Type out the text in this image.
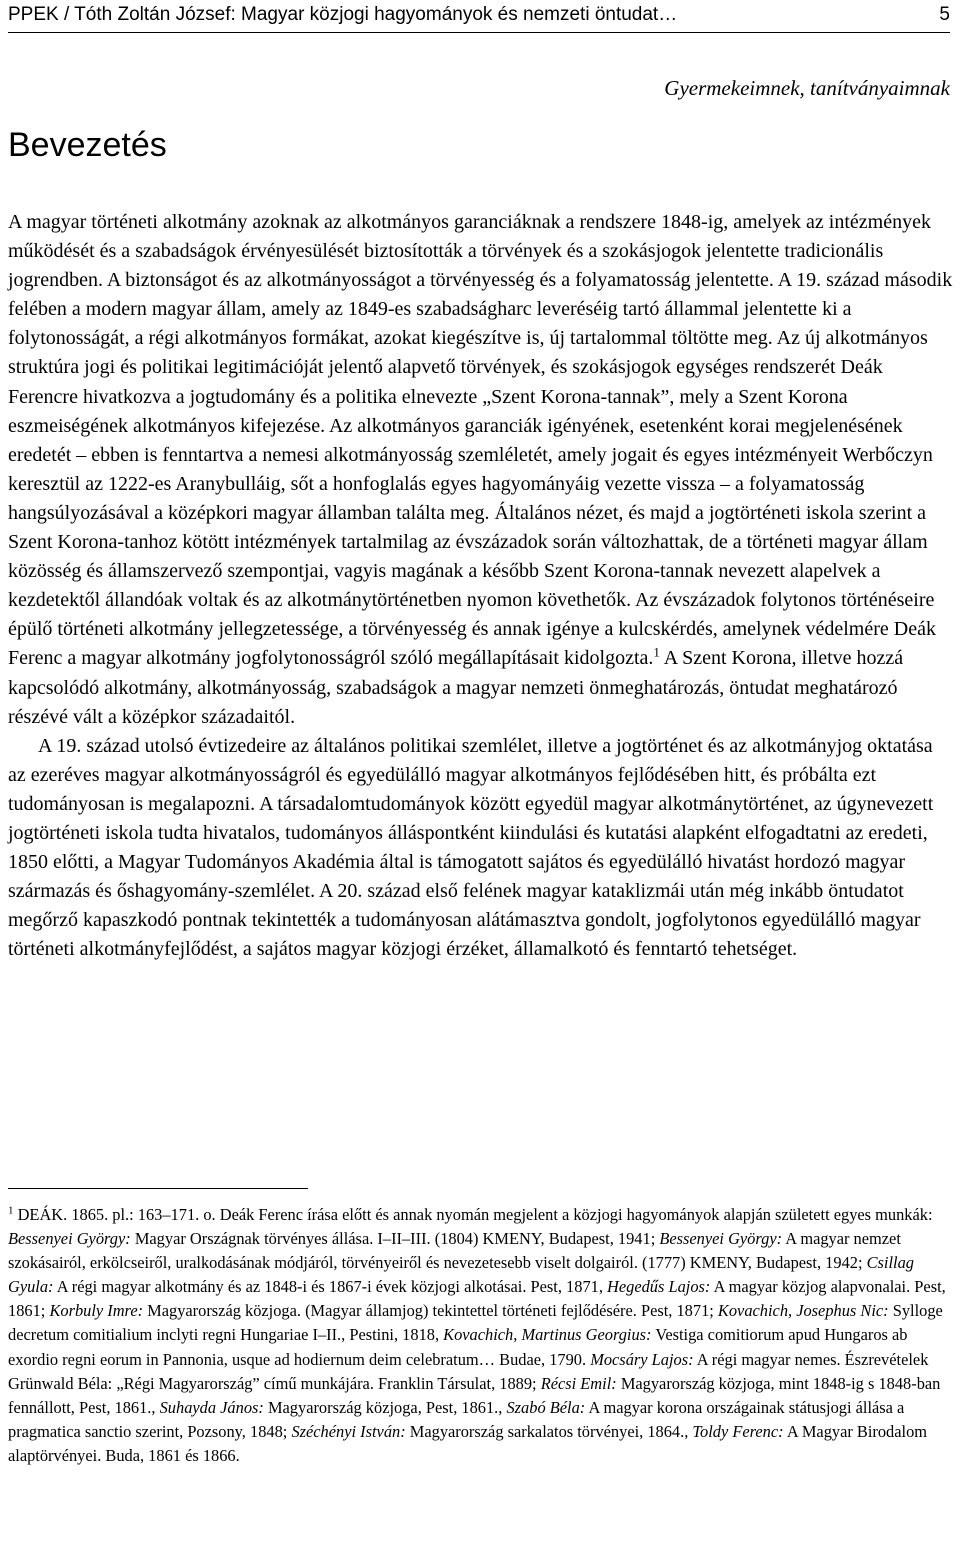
PPEK / Tóth Zoltán József: Magyar közjogi hagyományok és nemzeti öntudat…	5
Gyermekeimnek, tanítványaimnak
Bevezetés

A magyar történeti alkotmány azoknak az alkotmányos garanciáknak a rendszere 1848-ig, amelyek az intézmények működését és a szabadságok érvényesülését biztosították a törvények és a szokásjogok jelentette tradicionális jogrendben. A biztonságot és az alkotmányosságot a törvényesség és a folyamatosság jelentette. A 19. század második felében a modern magyar állam, amely az 1849-es szabadságharc leveréséig tartó állammal jelentette ki a folytonosságát, a régi alkotmányos formákat, azokat kiegészítve is, új tartalommal töltötte meg. Az új alkotmányos struktúra jogi és politikai legitimációját jelentő alapvető törvények, és szokásjogok egységes rendszerét Deák Ferencre hivatkozva a jogtudomány és a politika elnevezte „Szent Korona-tannak”, mely a Szent Korona eszmeiségének alkotmányos kifejezése. Az alkotmányos garanciák igényének, esetenként korai megjelenésének eredetét – ebben is fenntartva a nemesi alkotmányosság szemléletét, amely jogait és egyes intézményeit Werbőczyn keresztül az 1222-es Aranybulláig, sőt a honfoglalás egyes hagyományáig vezette vissza – a folyamatosság hangsúlyozásával a középkori magyar államban találta meg. Általános nézet, és majd a jogtörténeti iskola szerint a Szent Korona-tanhoz kötött intézmények tartalmilag az évszázadok során változhattak, de a történeti magyar állam közösség és államszervező szempontjai, vagyis magának a később Szent Korona-tannak nevezett alapelvek a kezdetektől állandóak voltak és az alkotmánytörténetben nyomon követhetők. Az évszázadok folytonos történéseire épülő történeti alkotmány jellegzetessége, a törvényesség és annak igénye a kulcskérdés, amelynek védelmére Deák Ferenc a magyar alkotmány jogfolytonosságról szóló megállapításait kidolgozta.$^1$ A Szent Korona, illetve hozzá kapcsolódó alkotmány, alkotmányosság, szabadságok a magyar nemzeti önmeghatározás, öntudat meghatározó részévé vált a középkor századaitól.

A 19. század utolsó évtizedeire az általános politikai szemlélet, illetve a jogtörténet és az alkotmányjog oktatása az ezeréves magyar alkotmányosságról és egyedülálló magyar alkotmányos fejlődésében hitt, és próbálta ezt tudományosan is megalapozni. A társadalomtudományok között egyedül magyar alkotmánytörténet, az úgynevezett jogtörténeti iskola tudta hivatalos, tudományos álláspontként kiindulási és kutatási alapként elfogadtatni az eredeti, 1850 előtti, a Magyar Tudományos Akadémia által is támogatott sajátos és egyedülálló hivatást hordozó magyar származás és őshagyomány-szemlélet. A 20. század első felének magyar kataklizmái után még inkább öntudatot megőrző kapaszkodó pontnak tekintették a tudományosan alátámasztva gondolt, jogfolytonos egyedülálló magyar történeti alkotmányfejlődést, a sajátos magyar közjogi érzéket, államalkotó és fenntartó tehetséget.

$^1$ DEÁK. 1865. pl.: 163–171. o. Deák Ferenc írása előtt és annak nyomán megjelent a közjogi hagyományok alapján született egyes munkák: Bessenyei György: Magyar Országnak törvényes állása. I–II–III. (1804) KMENY, Budapest, 1941; Bessenyei György: A magyar nemzet szokásairól, erkölcseiről, uralkodásának módjáról, törvényeiről és nevezetesebb viselt dolgairól. (1777) KMENY, Budapest, 1942; Csillag Gyula: A régi magyar alkotmány és az 1848-i és 1867-i évek közjogi alkotásai. Pest, 1871, Hegedűs Lajos: A magyar közjog alapvonalai. Pest, 1861; Korbuly Imre: Magyarország közjoga. (Magyar államjog) tekintettel történeti fejlődésére. Pest, 1871; Kovachich, Josephus Nic: Sylloge decretum comitialium inclyti regni Hungariae I–II., Pestini, 1818, Kovachich, Martinus Georgius: Vestiga comitiorum apud Hungaros ab exordio regni eorum in Pannonia, usque ad hodiernum deim celebratum… Budae, 1790. Mocsáry Lajos: A régi magyar nemes. Észrevételek Grünwald Béla: „Régi Magyarország” című munkájára. Franklin Társulat, 1889; Récsi Emil: Magyarország közjoga, mint 1848-ig s 1848-ban fennállott, Pest, 1861., Suhayda János: Magyarország közjoga, Pest, 1861., Szabó Béla: A magyar korona országainak státusjogi állása a pragmatica sanctio szerint, Pozsony, 1848; Széchényi István: Magyarország sarkalatos törvényei, 1864., Toldy Ferenc: A Magyar Birodalom alaptörvényei. Buda, 1861 és 1866.
